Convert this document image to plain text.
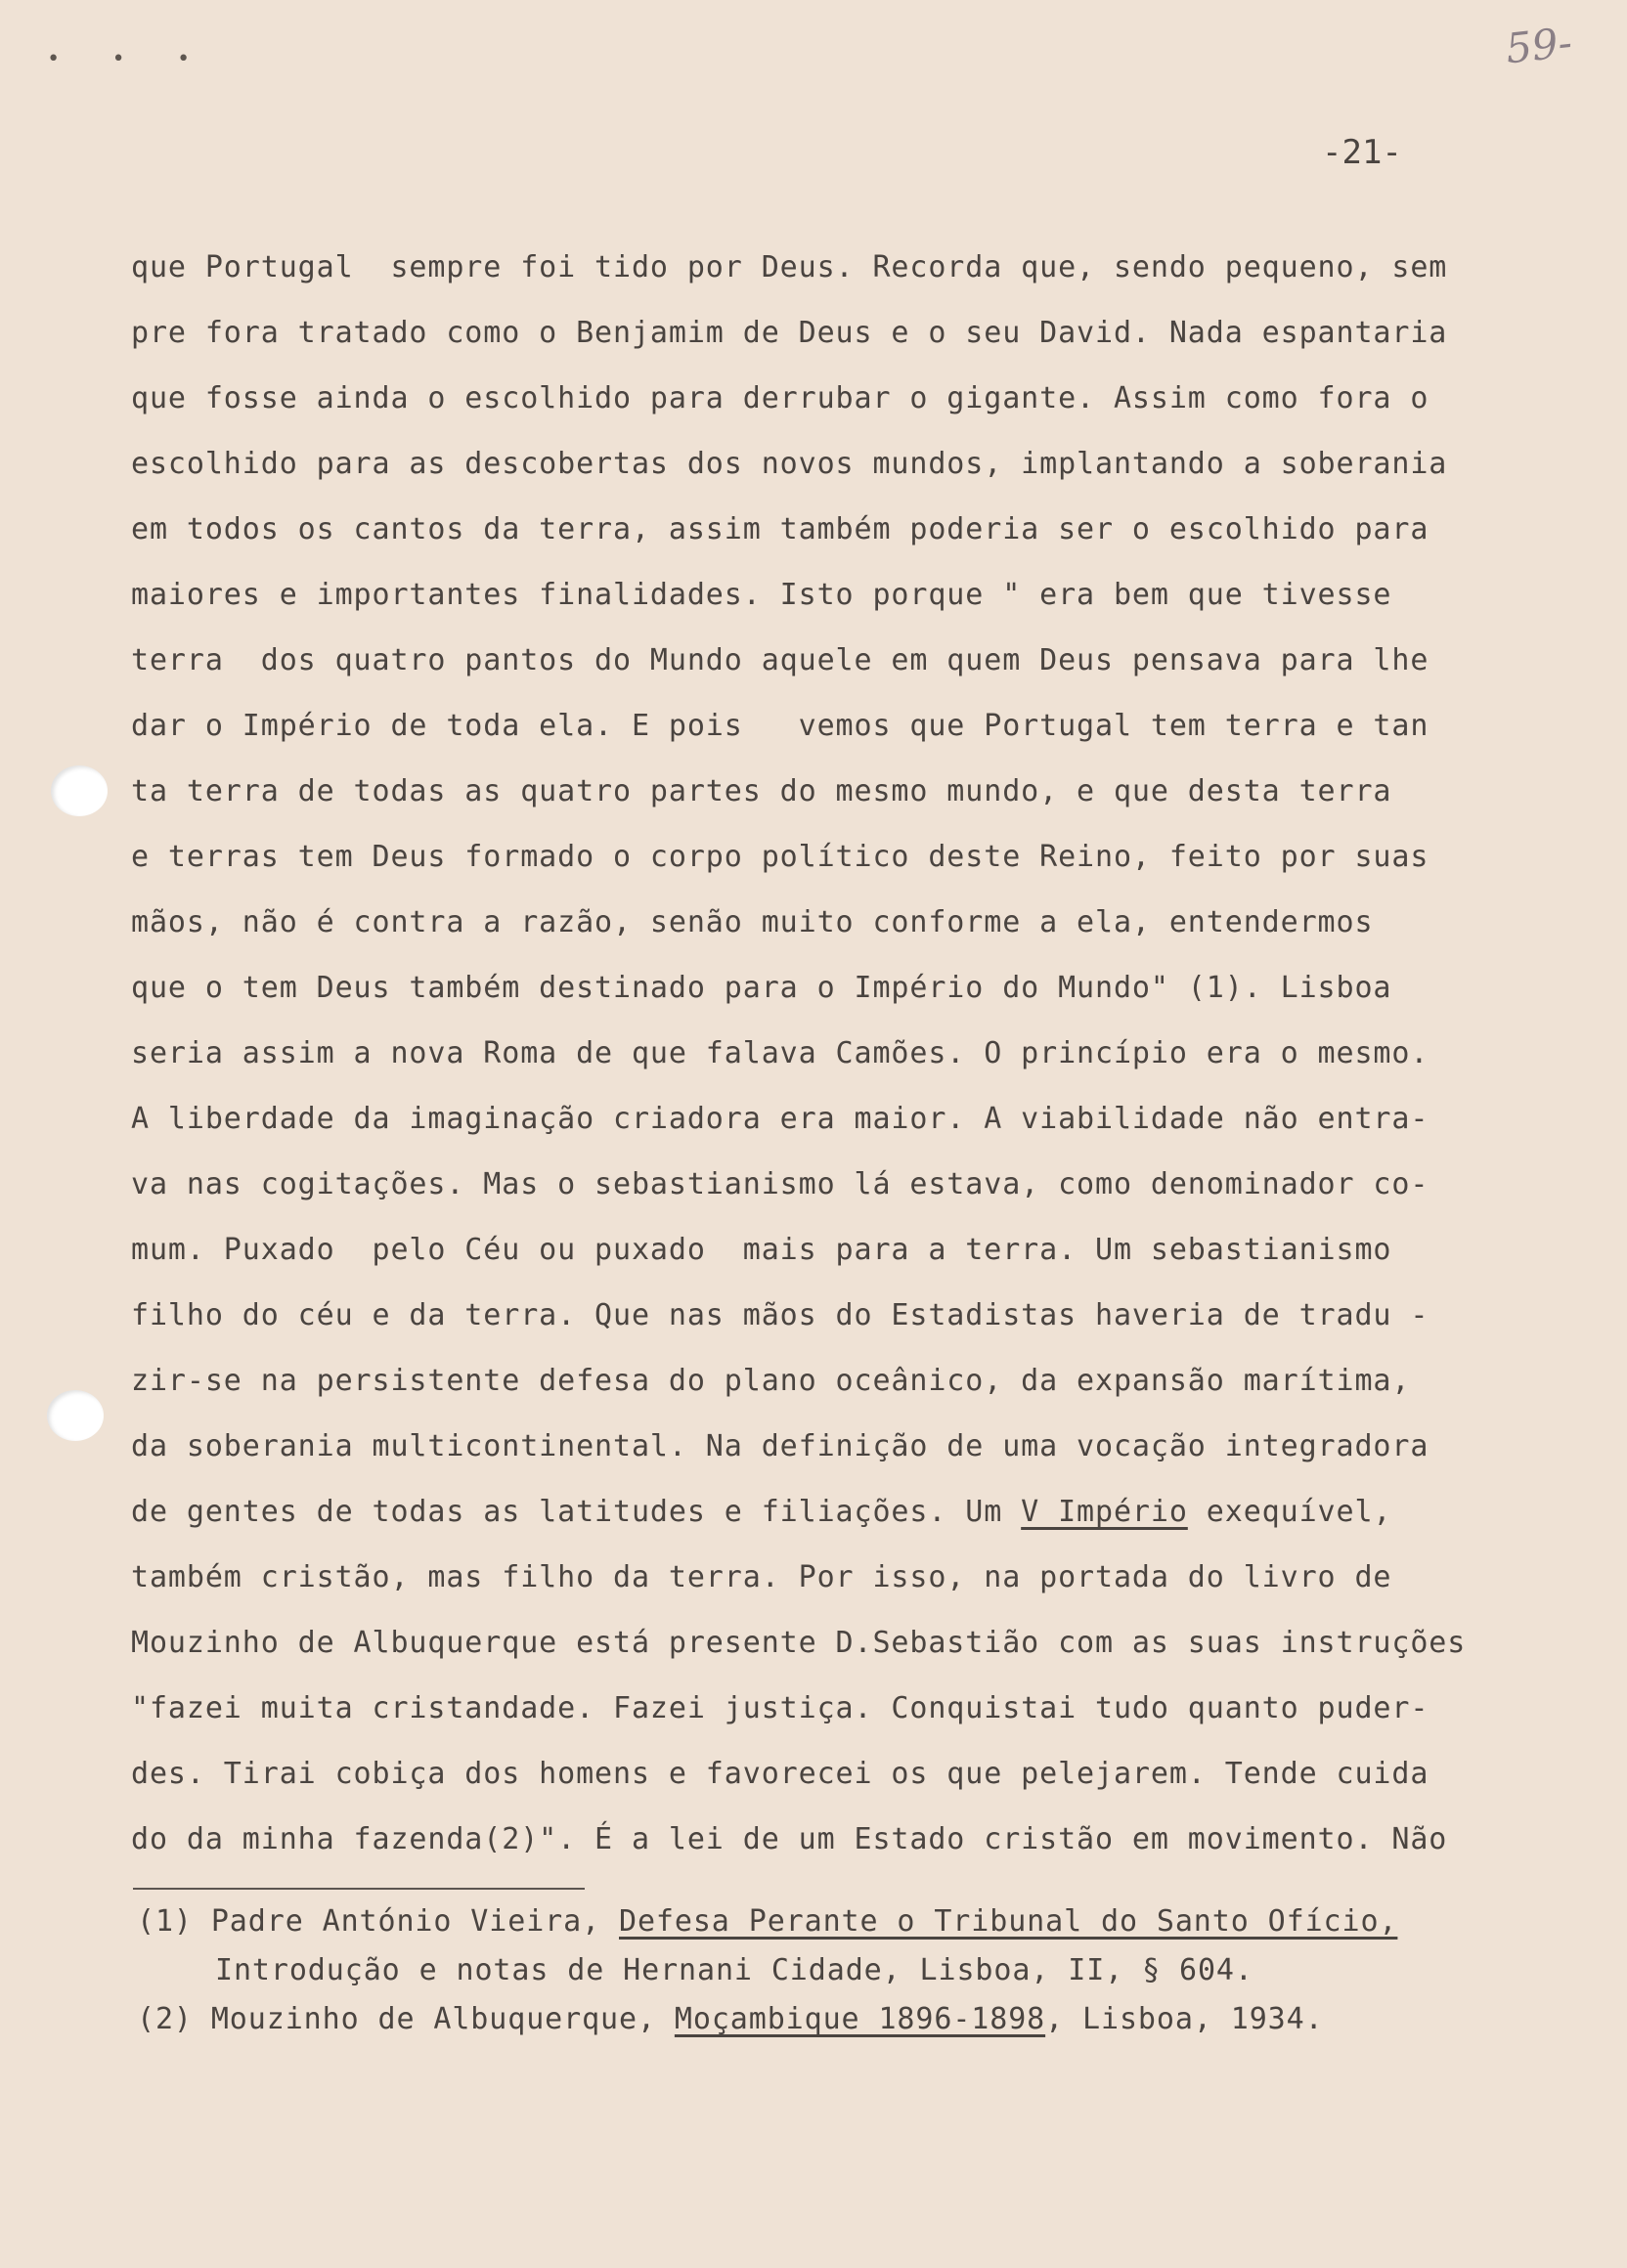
• • •	59-
-21-
que Portugal  sempre foi tido por Deus. Recorda que, sendo pequeno, sem
pre fora tratado como o Benjamim de Deus e o seu David. Nada espantaria
que fosse ainda o escolhido para derrubar o gigante. Assim como fora o
escolhido para as descobertas dos novos mundos, implantando a soberania
em todos os cantos da terra, assim também poderia ser o escolhido para
maiores e importantes finalidades. Isto porque " era bem que tivesse
terra  dos quatro pantos do Mundo aquele em quem Deus pensava para lhe
dar o Império de toda ela. E pois   vemos que Portugal tem terra e tan
ta terra de todas as quatro partes do mesmo mundo, e que desta terra
e terras tem Deus formado o corpo político deste Reino, feito por suas
mãos, não é contra a razão, senão muito conforme a ela, entendermos
que o tem Deus também destinado para o Império do Mundo" (1). Lisboa
seria assim a nova Roma de que falava Camões. O princípio era o mesmo.
A liberdade da imaginação criadora era maior. A viabilidade não entra-
va nas cogitações. Mas o sebastianismo lá estava, como denominador co-
mum. Puxado  pelo Céu ou puxado  mais para a terra. Um sebastianismo
filho do céu e da terra. Que nas mãos do Estadistas haveria de tradu -
zir-se na persistente defesa do plano oceânico, da expansão marítima,
da soberania multicontinental. Na definição de uma vocação integradora
de gentes de todas as latitudes e filiações. Um V Império exequível,
também cristão, mas filho da terra. Por isso, na portada do livro de
Mouzinho de Albuquerque está presente D.Sebastião com as suas instruções
"fazei muita cristandade. Fazei justiça. Conquistai tudo quanto puder-
des. Tirai cobiça dos homens e favorecei os que pelejarem. Tende cuida
do da minha fazenda(2)". É a lei de um Estado cristão em movimento. Não
(1) Padre António Vieira, Defesa Perante o Tribunal do Santo Ofício,
Introdução e notas de Hernani Cidade, Lisboa, II, § 604.
(2) Mouzinho de Albuquerque, Moçambique 1896-1898, Lisboa, 1934.
